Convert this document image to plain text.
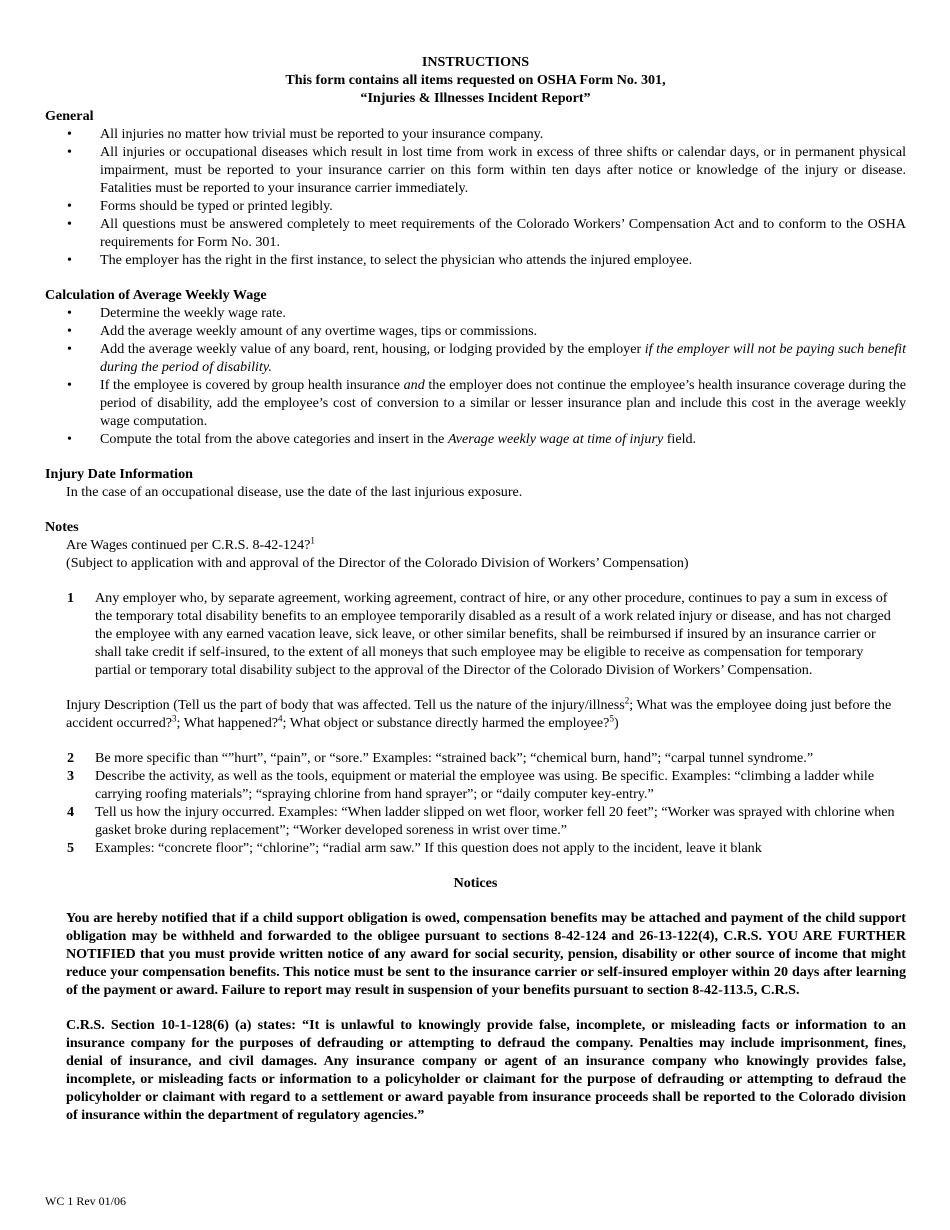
INSTRUCTIONS
This form contains all items requested on OSHA Form No. 301,
“Injuries & Illnesses Incident Report”
General
• All injuries no matter how trivial must be reported to your insurance company.
• All injuries or occupational diseases which result in lost time from work in excess of three shifts or calendar days, or in permanent physical impairment, must be reported to your insurance carrier on this form within ten days after notice or knowledge of the injury or disease. Fatalities must be reported to your insurance carrier immediately.
• Forms should be typed or printed legibly.
• All questions must be answered completely to meet requirements of the Colorado Workers’ Compensation Act and to conform to the OSHA requirements for Form No. 301.
• The employer has the right in the first instance, to select the physician who attends the injured employee.
Calculation of Average Weekly Wage
• Determine the weekly wage rate.
• Add the average weekly amount of any overtime wages, tips or commissions.
• Add the average weekly value of any board, rent, housing, or lodging provided by the employer if the employer will not be paying such benefit during the period of disability.
• If the employee is covered by group health insurance and the employer does not continue the employee’s health insurance coverage during the period of disability, add the employee’s cost of conversion to a similar or lesser insurance plan and include this cost in the average weekly wage computation.
• Compute the total from the above categories and insert in the Average weekly wage at time of injury field.
Injury Date Information
In the case of an occupational disease, use the date of the last injurious exposure.
Notes
Are Wages continued per C.R.S. 8-42-124?$^1$
(Subject to application with and approval of the Director of the Colorado Division of Workers’ Compensation)
1 Any employer who, by separate agreement, working agreement, contract of hire, or any other procedure, continues to pay a sum in excess of the temporary total disability benefits to an employee temporarily disabled as a result of a work related injury or disease, and has not charged the employee with any earned vacation leave, sick leave, or other similar benefits, shall be reimbursed if insured by an insurance carrier or shall take credit if self-insured, to the extent of all moneys that such employee may be eligible to receive as compensation for temporary partial or temporary total disability subject to the approval of the Director of the Colorado Division of Workers’ Compensation.
Injury Description (Tell us the part of body that was affected. Tell us the nature of the injury/illness$^2$; What was the employee doing just before the accident occurred?$^3$; What happened?$^4$; What object or substance directly harmed the employee?$^5$)
2 Be more specific than “”hurt”, “pain”, or “sore.” Examples: “strained back”; “chemical burn, hand”; “carpal tunnel syndrome.”
3 Describe the activity, as well as the tools, equipment or material the employee was using. Be specific. Examples: “climbing a ladder while carrying roofing materials”; “spraying chlorine from hand sprayer”; or “daily computer key-entry.”
4 Tell us how the injury occurred. Examples: “When ladder slipped on wet floor, worker fell 20 feet”; “Worker was sprayed with chlorine when gasket broke during replacement”; “Worker developed soreness in wrist over time.”
5 Examples: “concrete floor”; “chlorine”; “radial arm saw.” If this question does not apply to the incident, leave it blank
Notices
You are hereby notified that if a child support obligation is owed, compensation benefits may be attached and payment of the child support obligation may be withheld and forwarded to the obligee pursuant to sections 8-42-124 and 26-13-122(4), C.R.S. YOU ARE FURTHER NOTIFIED that you must provide written notice of any award for social security, pension, disability or other source of income that might reduce your compensation benefits. This notice must be sent to the insurance carrier or self-insured employer within 20 days after learning of the payment or award. Failure to report may result in suspension of your benefits pursuant to section 8-42-113.5, C.R.S.
C.R.S. Section 10-1-128(6) (a) states: “It is unlawful to knowingly provide false, incomplete, or misleading facts or information to an insurance company for the purposes of defrauding or attempting to defraud the company. Penalties may include imprisonment, fines, denial of insurance, and civil damages. Any insurance company or agent of an insurance company who knowingly provides false, incomplete, or misleading facts or information to a policyholder or claimant for the purpose of defrauding or attempting to defraud the policyholder or claimant with regard to a settlement or award payable from insurance proceeds shall be reported to the Colorado division of insurance within the department of regulatory agencies.”
WC 1 Rev 01/06
